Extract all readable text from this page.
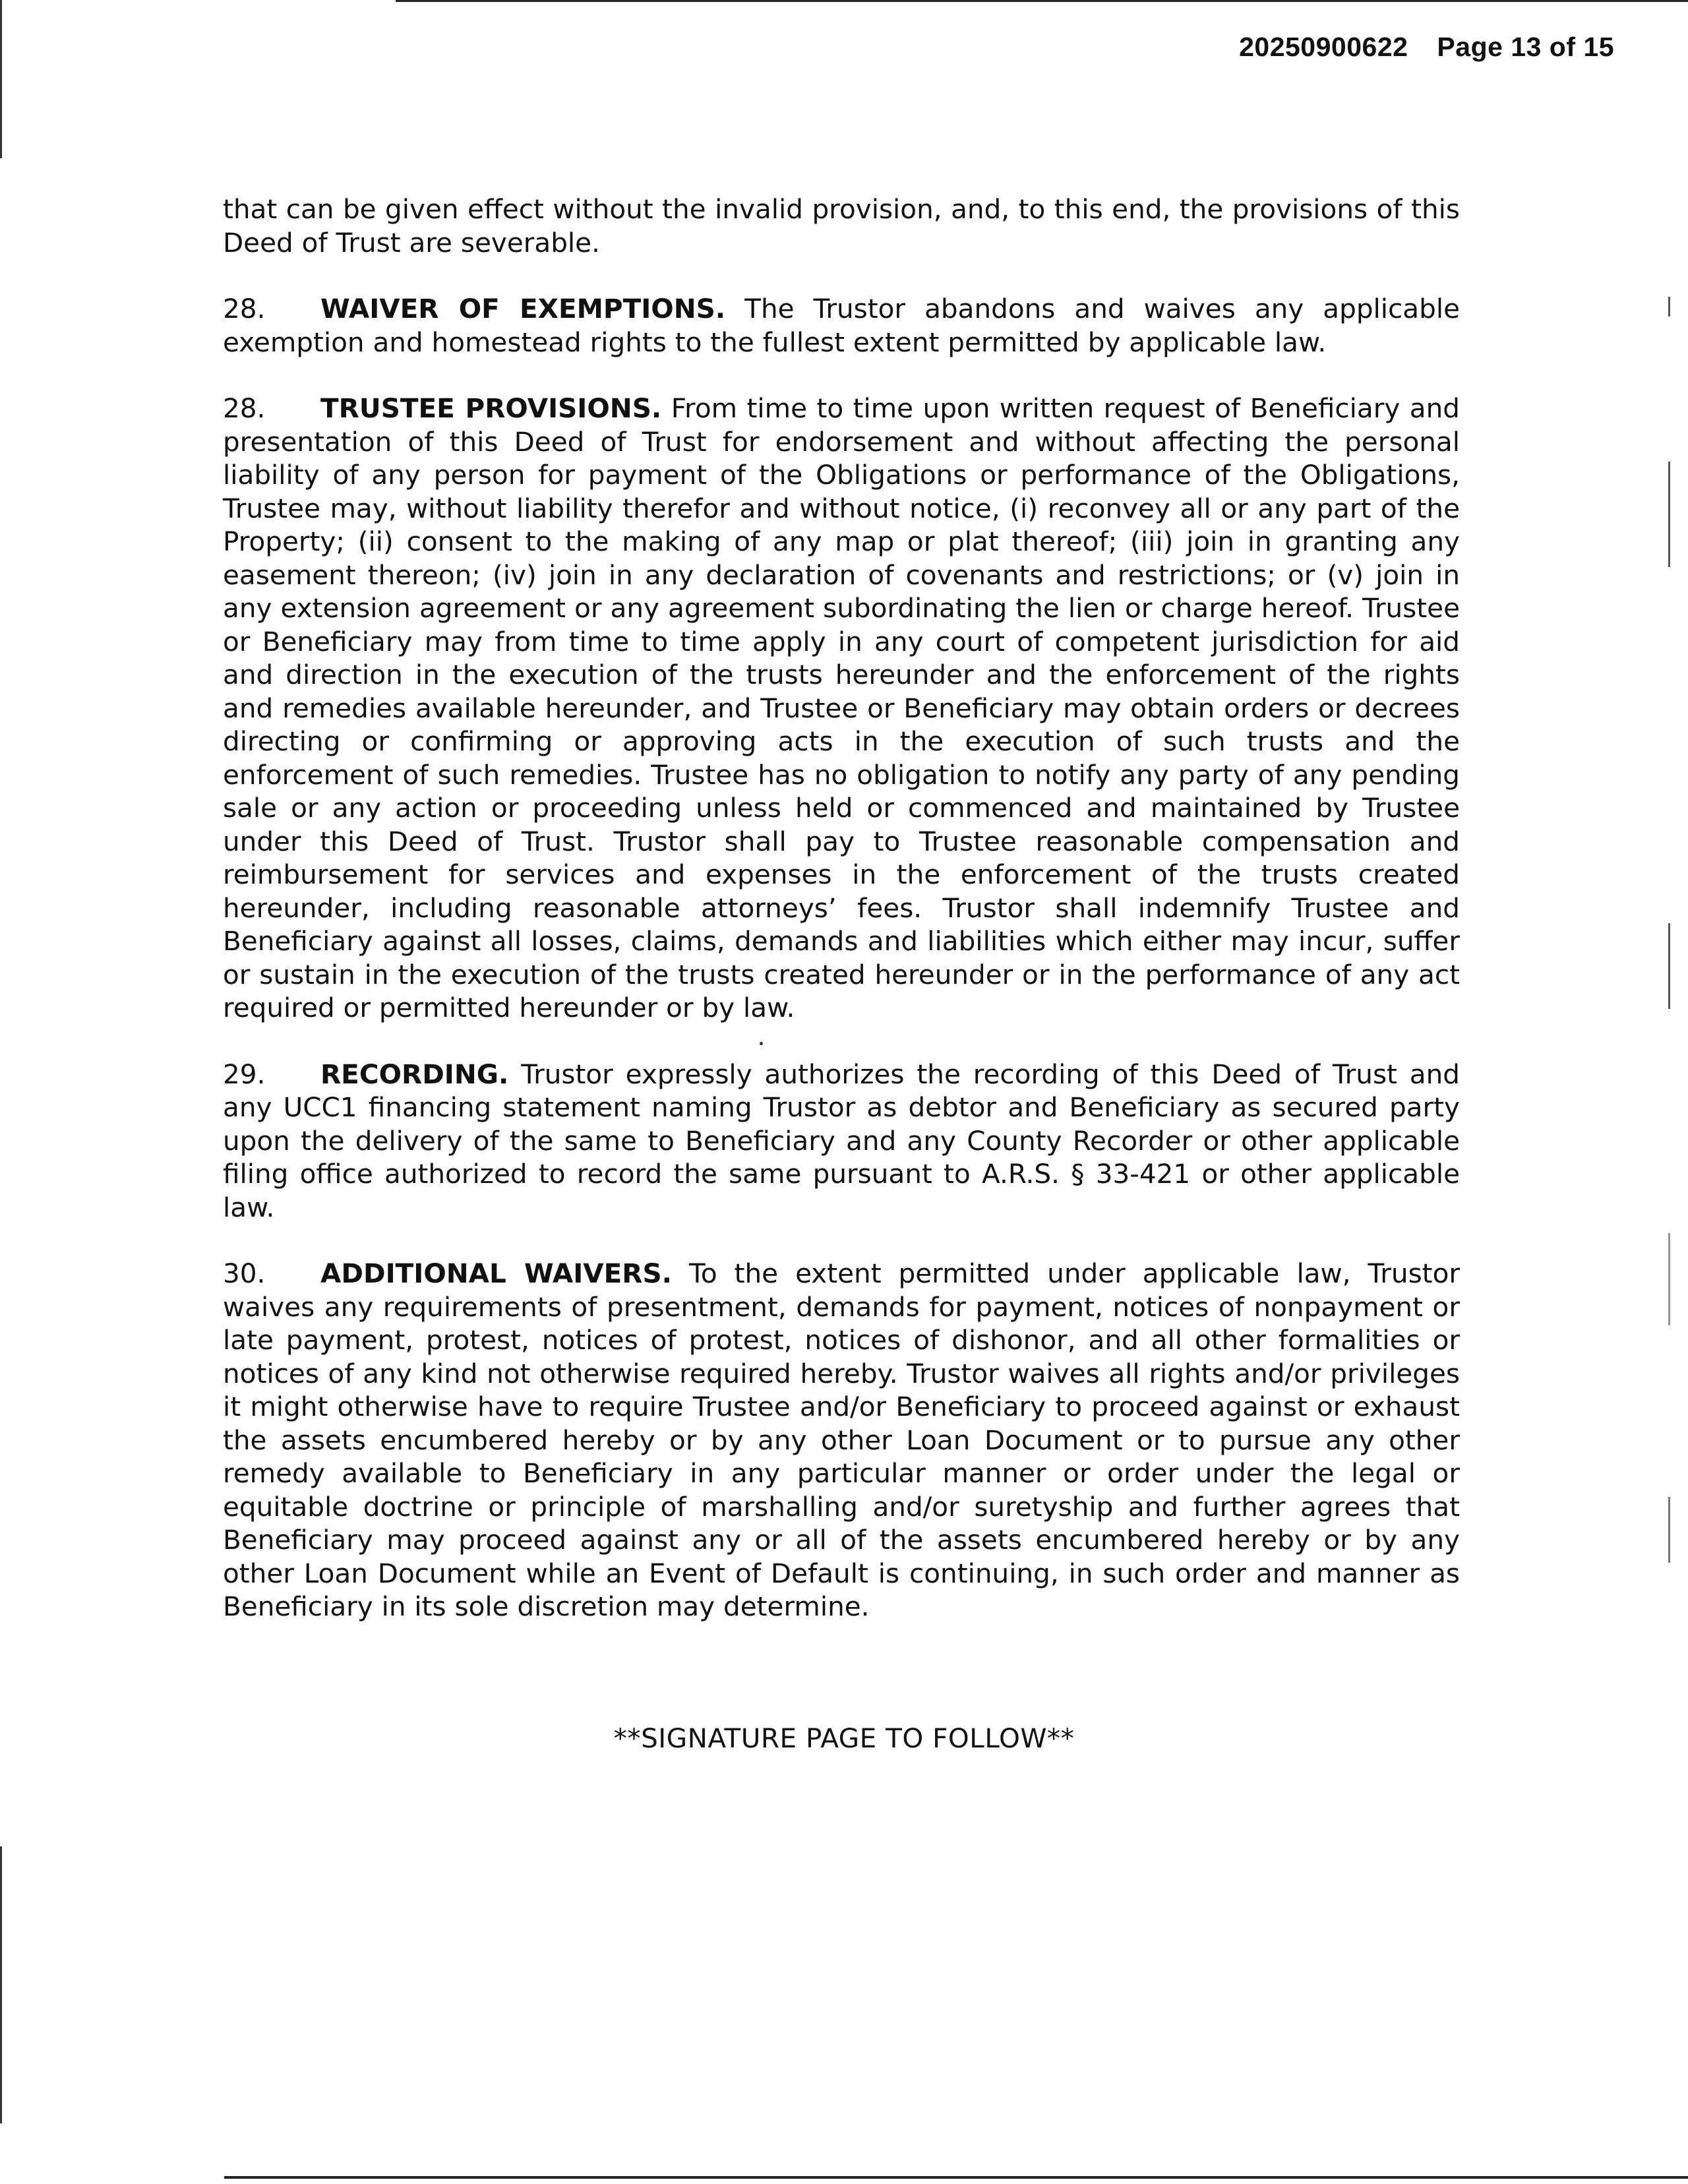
20250900622 Page 13 of 15

that can be given effect without the invalid provision, and, to this end, the provisions of this Deed of Trust are severable.

28. WAIVER OF EXEMPTIONS. The Trustor abandons and waives any applicable exemption and homestead rights to the fullest extent permitted by applicable law.

28. TRUSTEE PROVISIONS. From time to time upon written request of Beneficiary and presentation of this Deed of Trust for endorsement and without affecting the personal liability of any person for payment of the Obligations or performance of the Obligations, Trustee may, without liability therefor and without notice, (i) reconvey all or any part of the Property; (ii) consent to the making of any map or plat thereof; (iii) join in granting any easement thereon; (iv) join in any declaration of covenants and restrictions; or (v) join in any extension agreement or any agreement subordinating the lien or charge hereof. Trustee or Beneficiary may from time to time apply in any court of competent jurisdiction for aid and direction in the execution of the trusts hereunder and the enforcement of the rights and remedies available hereunder, and Trustee or Beneficiary may obtain orders or decrees directing or confirming or approving acts in the execution of such trusts and the enforcement of such remedies. Trustee has no obligation to notify any party of any pending sale or any action or proceeding unless held or commenced and maintained by Trustee under this Deed of Trust. Trustor shall pay to Trustee reasonable compensation and reimbursement for services and expenses in the enforcement of the trusts created hereunder, including reasonable attorneys’ fees. Trustor shall indemnify Trustee and Beneficiary against all losses, claims, demands and liabilities which either may incur, suffer or sustain in the execution of the trusts created hereunder or in the performance of any act required or permitted hereunder or by law.

29. RECORDING. Trustor expressly authorizes the recording of this Deed of Trust and any UCC1 financing statement naming Trustor as debtor and Beneficiary as secured party upon the delivery of the same to Beneficiary and any County Recorder or other applicable filing office authorized to record the same pursuant to A.R.S. § 33-421 or other applicable law.

30. ADDITIONAL WAIVERS. To the extent permitted under applicable law, Trustor waives any requirements of presentment, demands for payment, notices of nonpayment or late payment, protest, notices of protest, notices of dishonor, and all other formalities or notices of any kind not otherwise required hereby. Trustor waives all rights and/or privileges it might otherwise have to require Trustee and/or Beneficiary to proceed against or exhaust the assets encumbered hereby or by any other Loan Document or to pursue any other remedy available to Beneficiary in any particular manner or order under the legal or equitable doctrine or principle of marshalling and/or suretyship and further agrees that Beneficiary may proceed against any or all of the assets encumbered hereby or by any other Loan Document while an Event of Default is continuing, in such order and manner as Beneficiary in its sole discretion may determine.

**SIGNATURE PAGE TO FOLLOW**
